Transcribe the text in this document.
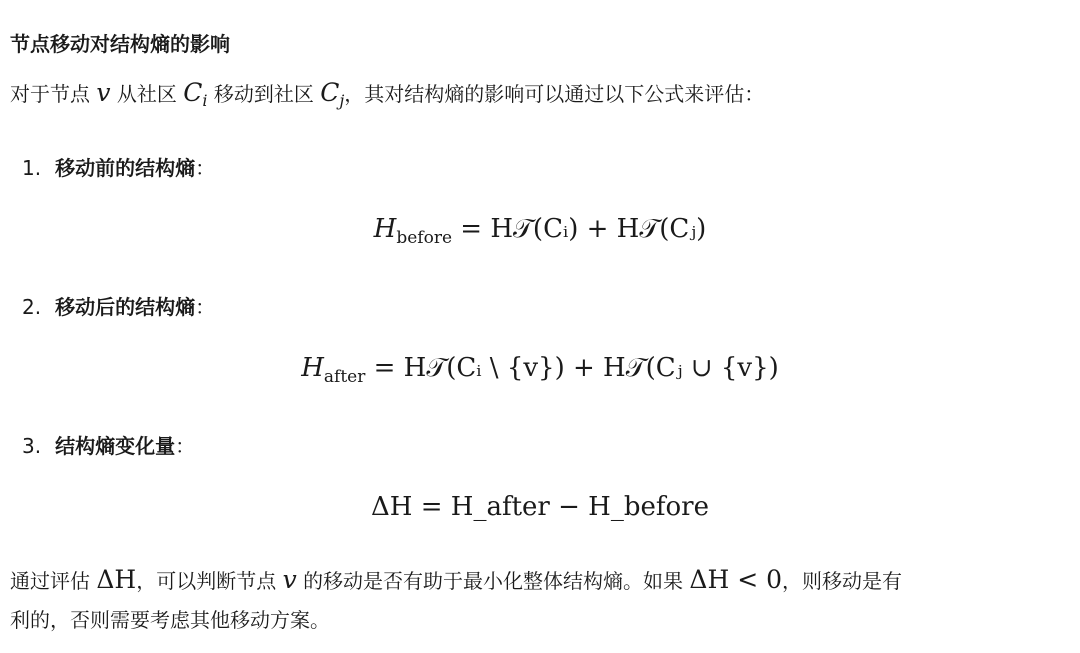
节点移动对结构熵的影响
对于节点 v 从社区 $C_i$ 移动到社区 $C_j$，其对结构熵的影响可以通过以下公式来评估：
1. 移动前的结构熵：
$H_{before}$ = H𝒯(Cᵢ) + H𝒯(Cⱼ)
2. 移动后的结构熵：
$H_{after}$ = H𝒯(Cᵢ \ {v}) + H𝒯(Cⱼ ∪ {v})
3. 结构熵变化量：
ΔH = H_after − H_before
通过评估 ΔH，可以判断节点 v 的移动是否有助于最小化整体结构熵。如果 ΔH < 0，则移动是有
利的，否则需要考虑其他移动方案。
